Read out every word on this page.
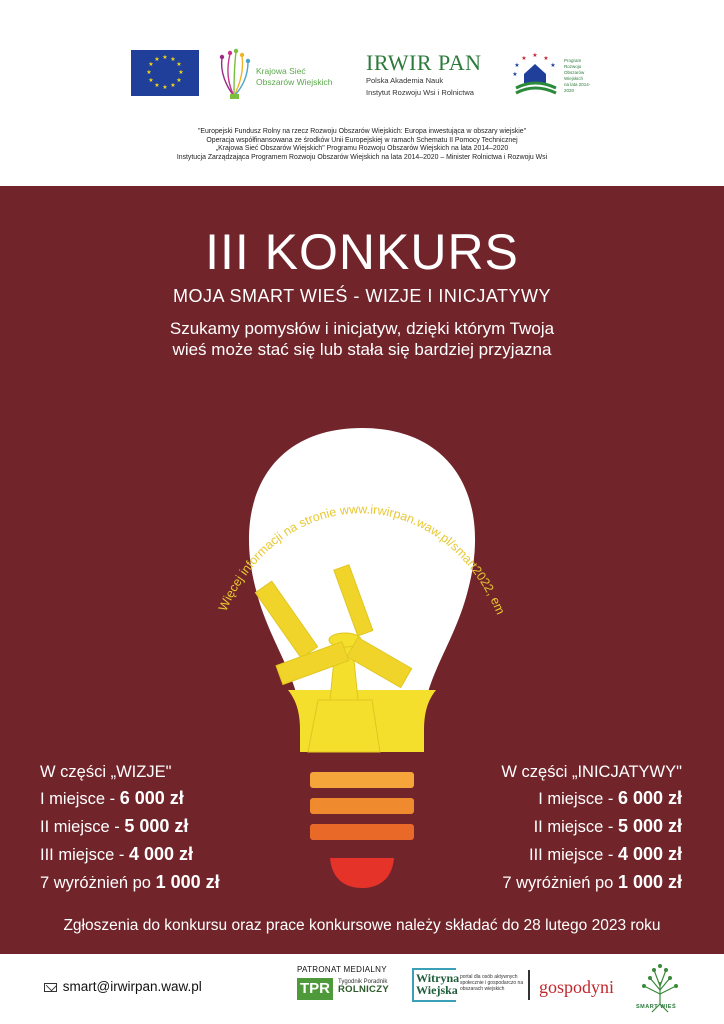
★ ★
★
★
★
★
★
★
★
★
★
★
Krajowa Sieć
Obszarów Wiejskich
IRWIR PAN
Polska Akademia Nauk
Instytut Rozwoju Wsi i Rolnictwa
★
★	★
★	★
★
Program
Rozwoju
Obszarów
Wiejskich
na lata 2014-2020
"Europejski Fundusz Rolny na rzecz Rozwoju Obszarów Wiejskich: Europa inwestująca w obszary wiejskie"
Operacja współfinansowana ze środków Unii Europejskiej w ramach Schematu II Pomocy Technicznej
„Krajowa Sieć Obszarów Wiejskich" Programu Rozwoju Obszarów Wiejskich na lata 2014–2020
Instytucja Zarządzająca Programem Rozwoju Obszarów Wiejskich na lata 2014–2020 – Minister Rolnictwa i Rozwoju Wsi
Więcej informacji na stronie www.irwirpan.waw.pl/smart2022, em
III KONKURS
MOJA SMART WIEŚ - WIZJE I INICJATYWY
Szukamy pomysłów i inicjatyw, dzięki którym Twoja
wieś może stać się lub stała się bardziej przyjazna
W części „WIZJE"
I miejsce - 6 000 zł
II miejsce - 5 000 zł
III miejsce - 4 000 zł
7 wyróżnień po 1 000 zł
W części „INICJATYWY"
I miejsce - 6 000 zł
II miejsce - 5 000 zł
III miejsce - 4 000 zł
7 wyróżnień po 1 000 zł
Zgłoszenia do konkursu oraz prace konkursowe należy składać do 28 lutego 2023 roku
smart@irwirpan.waw.pl
PATRONAT MEDIALNY
TPR	Tygodnik Poradnik
ROLNICZY
Witryna
Wiejska
portal dla osób aktywnych społecznie i gospodarczo na obszarach wiejskich	gospodyni
SMART WIEŚ
